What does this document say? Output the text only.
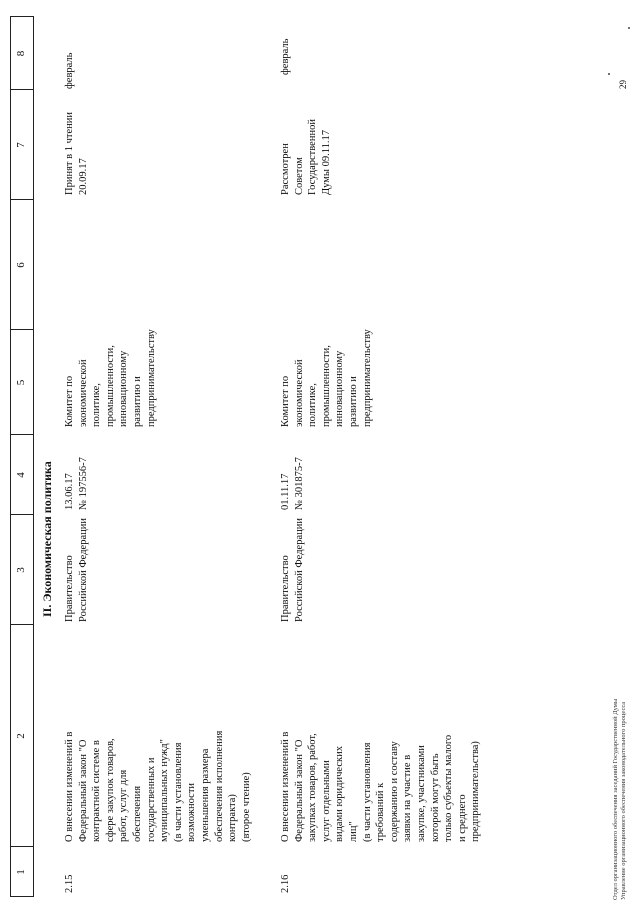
1
2
3
4
5
6
7
8
II. Экономическая политика
2.15
О внесении изменений в
Федеральный закон "О
контрактной системе в
сфере закупок товаров,
работ, услуг для
обеспечения
государственных и
муниципальных нужд"
(в части установления
возможности
уменьшения размера
обеспечения исполнения
контракта)
(второе чтение)
Правительство
Российской Федерации
13.06.17
№ 197556-7
Комитет по
экономической
политике,
промышленности,
инновационному
развитию и
предпринимательству
Принят в 1 чтении
20.09.17
февраль
2.16
О внесении изменений в
Федеральный закон "О
закупках товаров, работ,
услуг отдельными
видами юридических
лиц"
(в части установления
требований к
содержанию и составу
заявки на участие в
закупке, участниками
которой могут быть
только субъекты малого
и среднего
предпринимательства)
Правительство
Российской Федерации
01.11.17
№ 301875-7
Комитет по
экономической
политике,
промышленности,
инновационному
развитию и
предпринимательству
Рассмотрен
Советом
Государственной
Думы 09.11.17
февраль
Отдел организационного обеспечения заседаний Государственной Думы Управление организационного обеспечения законодательного процесса
29
